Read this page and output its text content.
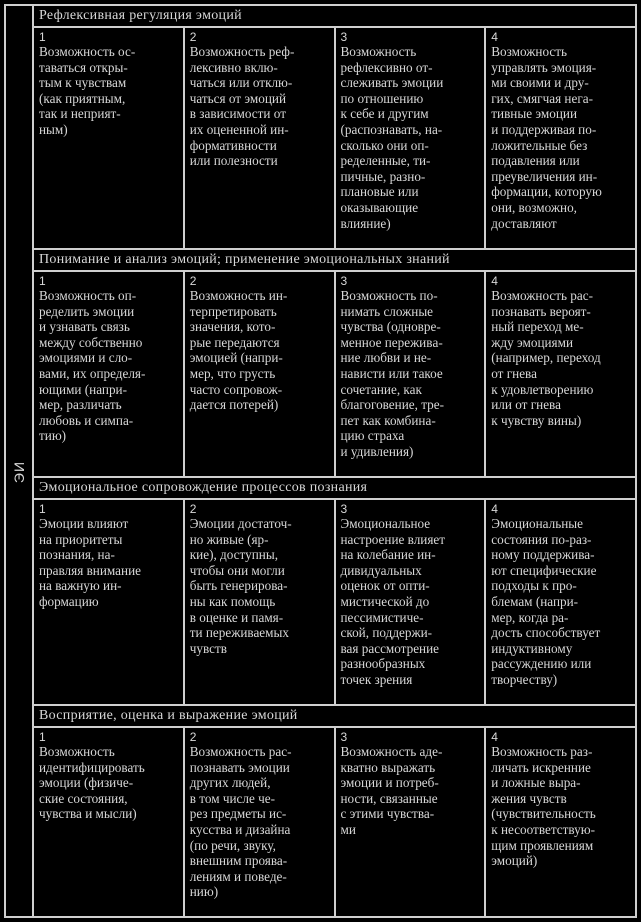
ЭИ
Рефлексивная регуляция эмоций
1
Возможность ос-
таваться откры-
тым к чувствам
(как приятным,
так и неприят-
ным)
2
Возможность реф-
лексивно вклю-
чаться или отклю-
чаться от эмоций
в зависимости от
их оцененной ин-
формативности
или полезности
3
Возможность
рефлексивно от-
слеживать эмоции
по отношению
к себе и другим
(распознавать, на-
сколько они оп-
ределенные, ти-
пичные, разно-
плановые или
оказывающие
влияние)
4
Возможность
управлять эмоция-
ми своими и дру-
гих, смягчая нега-
тивные эмоции
и поддерживая по-
ложительные без
подавления или
преувеличения ин-
формации, которую
они, возможно,
доставляют
Понимание и анализ эмоций; применение эмоциональных знаний
1
Возможность оп-
ределить эмоции
и узнавать связь
между собственно
эмоциями и сло-
вами, их определя-
ющими (напри-
мер, различать
любовь и симпа-
тию)
2
Возможность ин-
терпретировать
значения, кото-
рые передаются
эмоцией (напри-
мер, что грусть
часто сопровож-
дается потерей)
3
Возможность по-
нимать сложные
чувства (одновре-
менное переживa-
ние любви и не-
нависти или такое
сочетание, как
благоговение, тре-
пет как комбина-
цию страха
и удивления)
4
Возможность рас-
познавать вероят-
ный переход ме-
жду эмоциями
(например, переход
от гнева
к удовлетворению
или от гнева
к чувству вины)
Эмоциональное сопровождение процессов познания
1
Эмоции влияют
на приоритеты
познания, на-
правляя внимание
на важную ин-
формацию
2
Эмоции достаточ-
но живые (яр-
кие), доступны,
чтобы они могли
быть генерирова-
ны как помощь
в оценке и памя-
ти переживаемых
чувств
3
Эмоциональное
настроение влияет
на колебание ин-
дивидуальных
оценок от опти-
мистической до
пессимистиче-
ской, поддержи-
вая рассмотрение
разнообразных
точек зрения
4
Эмоциональные
состояния по-раз-
ному поддержива-
ют специфические
подходы к про-
блемам (напри-
мер, когда ра-
дость способствует
индуктивному
рассуждению или
творчеству)
Восприятие, оценка и выражение эмоций
1
Возможность
идентифицировать
эмоции (физиче-
ские состояния,
чувства и мысли)
2
Возможность рас-
познавать эмоции
других людей,
в том числе че-
рез предметы ис-
кусства и дизайна
(по речи, звуку,
внешним проява-
лениям и поведе-
нию)
3
Возможность аде-
кватно выражать
эмоции и потреб-
ности, связанные
с этими чувства-
ми
4
Возможность раз-
личать искренние
и ложные выра-
жения чувств
(чувствительность
к несоответствую-
щим проявлениям
эмоций)
